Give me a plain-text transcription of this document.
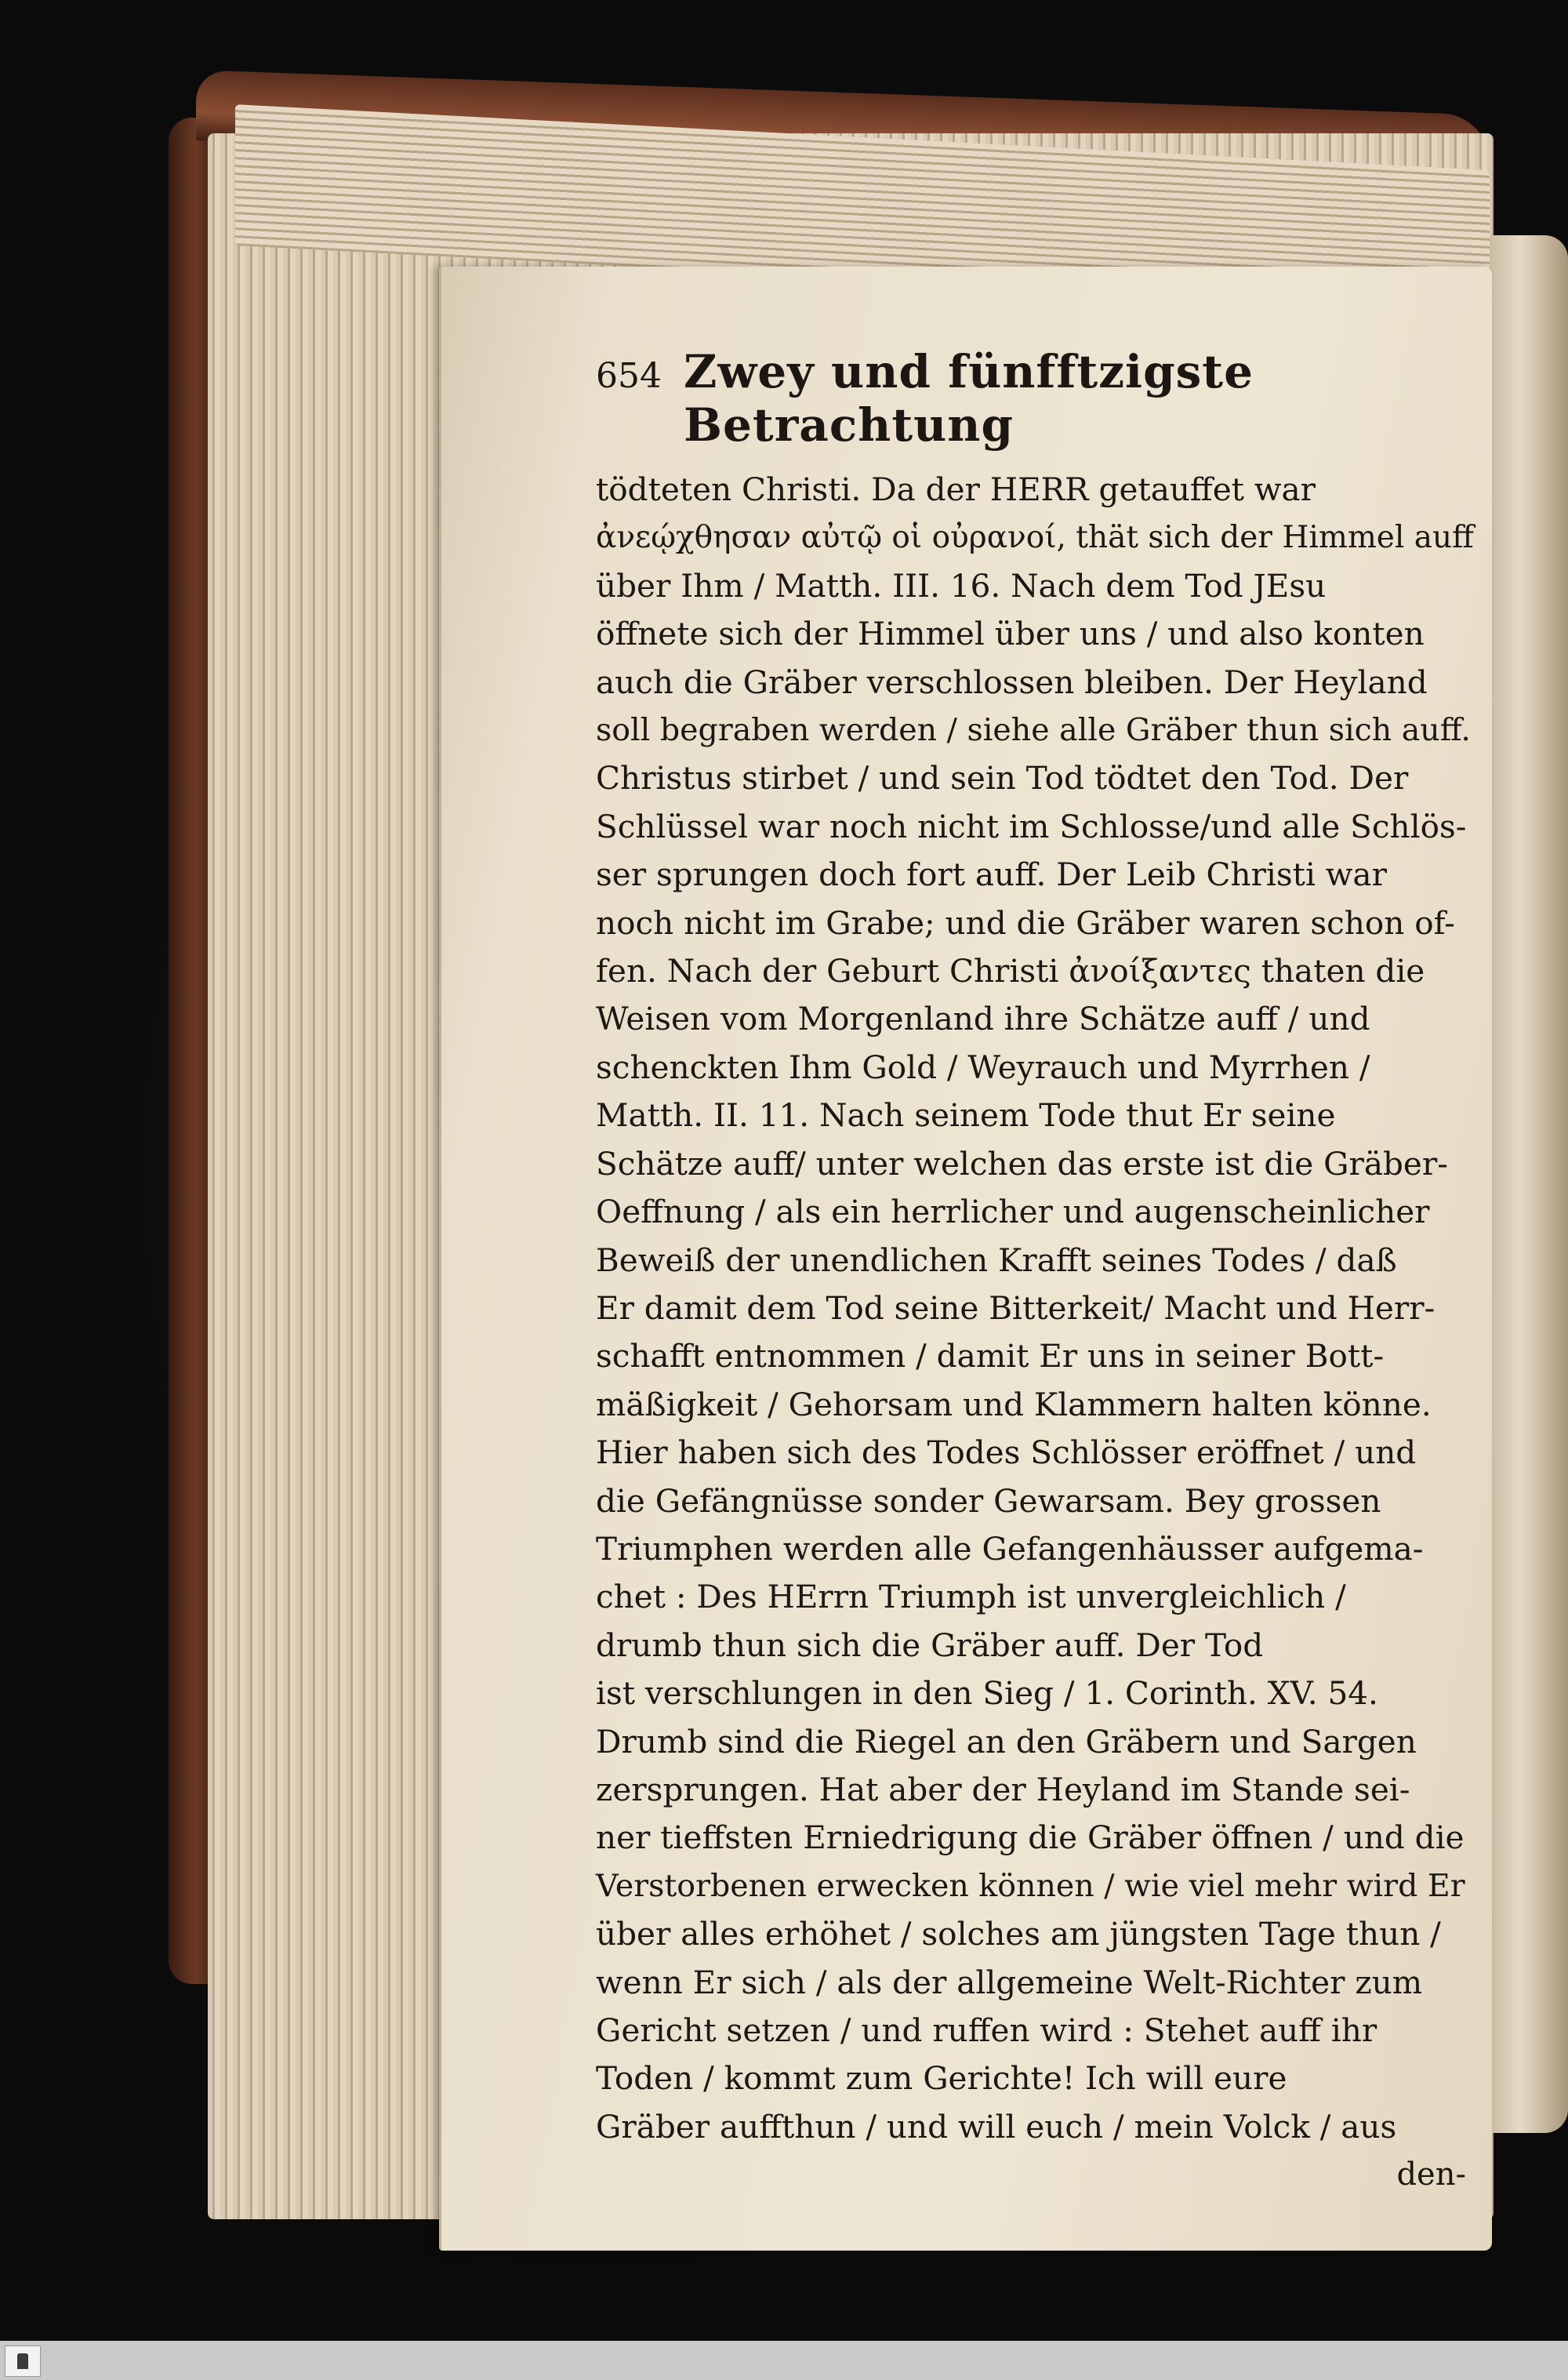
654 Zwey und fünfftzigste Betrachtung
tödteten Christi. Da der HERR getauffet war
ἀνεῴχθησαν αὐτῷ οἱ οὐρανοί, thät sich der Himmel auff
über Ihm / Matth. III. 16. Nach dem Tod JEsu
öffnete sich der Himmel über uns / und also konten
auch die Gräber verschlossen bleiben. Der Heyland
soll begraben werden / siehe alle Gräber thun sich auff.
Christus stirbet / und sein Tod tödtet den Tod. Der
Schlüssel war noch nicht im Schlosse/und alle Schlös-
ser sprungen doch fort auff. Der Leib Christi war
noch nicht im Grabe; und die Gräber waren schon of-
fen. Nach der Geburt Christi ἀνοίξαντες thaten die
Weisen vom Morgenland ihre Schätze auff / und
schenckten Ihm Gold / Weyrauch und Myrrhen /
Matth. II. 11. Nach seinem Tode thut Er seine
Schätze auff/ unter welchen das erste ist die Gräber-
Oeffnung / als ein herrlicher und augenscheinlicher
Beweiß der unendlichen Krafft seines Todes / daß
Er damit dem Tod seine Bitterkeit/ Macht und Herr-
schafft entnommen / damit Er uns in seiner Bott-
mäßigkeit / Gehorsam und Klammern halten könne.
Hier haben sich des Todes Schlösser eröffnet / und
die Gefängnüsse sonder Gewarsam. Bey grossen
Triumphen werden alle Gefangenhäusser aufgema-
chet : Des HErrn Triumph ist unvergleichlich /
drumb thun sich die Gräber auff. Der Tod
ist verschlungen in den Sieg / 1. Corinth. XV. 54.
Drumb sind die Riegel an den Gräbern und Sargen
zersprungen. Hat aber der Heyland im Stande sei-
ner tieffsten Erniedrigung die Gräber öffnen / und die
Verstorbenen erwecken können / wie viel mehr wird Er
über alles erhöhet / solches am jüngsten Tage thun /
wenn Er sich / als der allgemeine Welt-Richter zum
Gericht setzen / und ruffen wird : Stehet auff ihr
Toden / kommt zum Gerichte! Ich will eure
Gräber auffthun / und will euch / mein Volck / aus
den-
